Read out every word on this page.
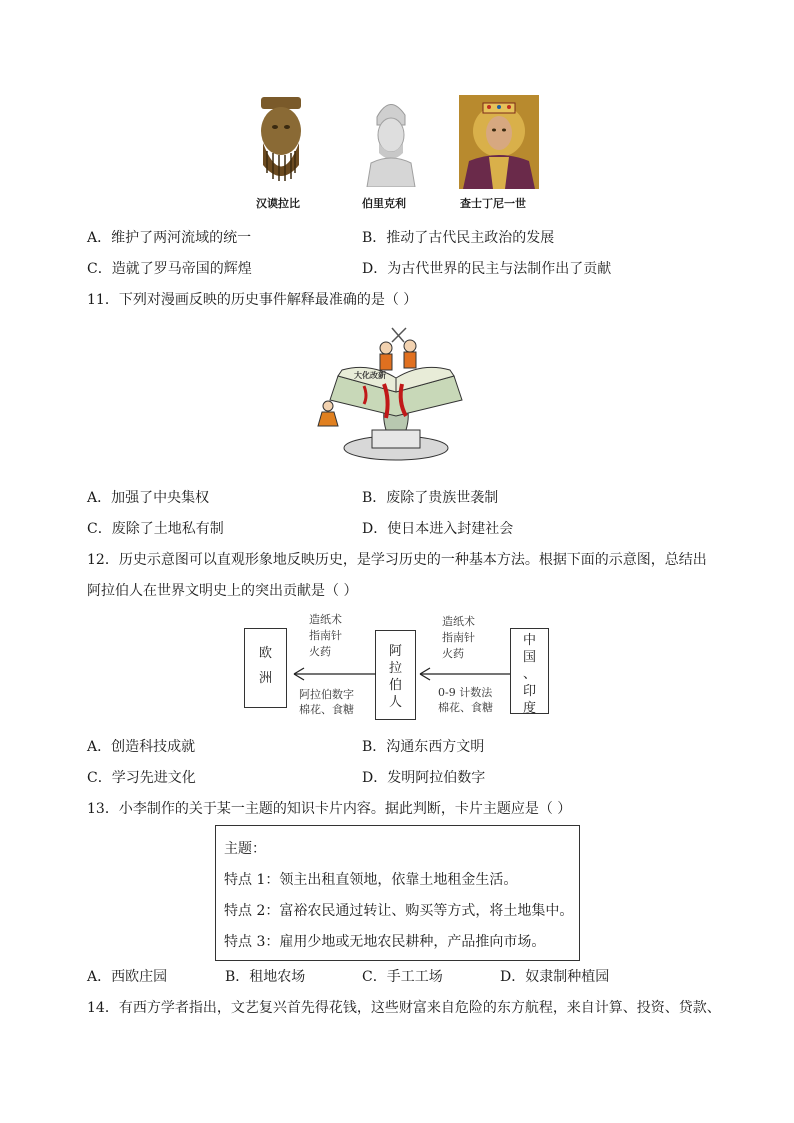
汉谟拉比	伯里克利	查士丁尼一世
A．维护了两河流域的统一	B．推动了古代民主政治的发展
C．造就了罗马帝国的辉煌	D．为古代世界的民主与法制作出了贡献
11．下列对漫画反映的历史事件解释最准确的是（ ）
大化改新
A．加强了中央集权	B．废除了贵族世袭制
C．废除了土地私有制	D．使日本进入封建社会
12．历史示意图可以直观形象地反映历史，是学习历史的一种基本方法。根据下面的示意图，总结出
阿拉伯人在世界文明史上的突出贡献是（ ）
欧
洲
阿
拉
伯
人
中
国
、
印
度
造纸术
指南针
火药
阿拉伯数字
棉花、食糖
造纸术
指南针
火药
0-9 计数法
棉花、食糖
A．创造科技成就	B．沟通东西方文明
C．学习先进文化	D．发明阿拉伯数字
13．小李制作的关于某一主题的知识卡片内容。据此判断，卡片主题应是（ ）
主题：
特点 1：领主出租直领地，依靠土地租金生活。
特点 2：富裕农民通过转让、购买等方式，将土地集中。
特点 3：雇用少地或无地农民耕种，产品推向市场。
A．西欧庄园	B．租地农场	C．手工工场	D．奴隶制种植园
14．有西方学者指出，文艺复兴首先得花钱，这些财富来自危险的东方航程，来自计算、投资、贷款、
